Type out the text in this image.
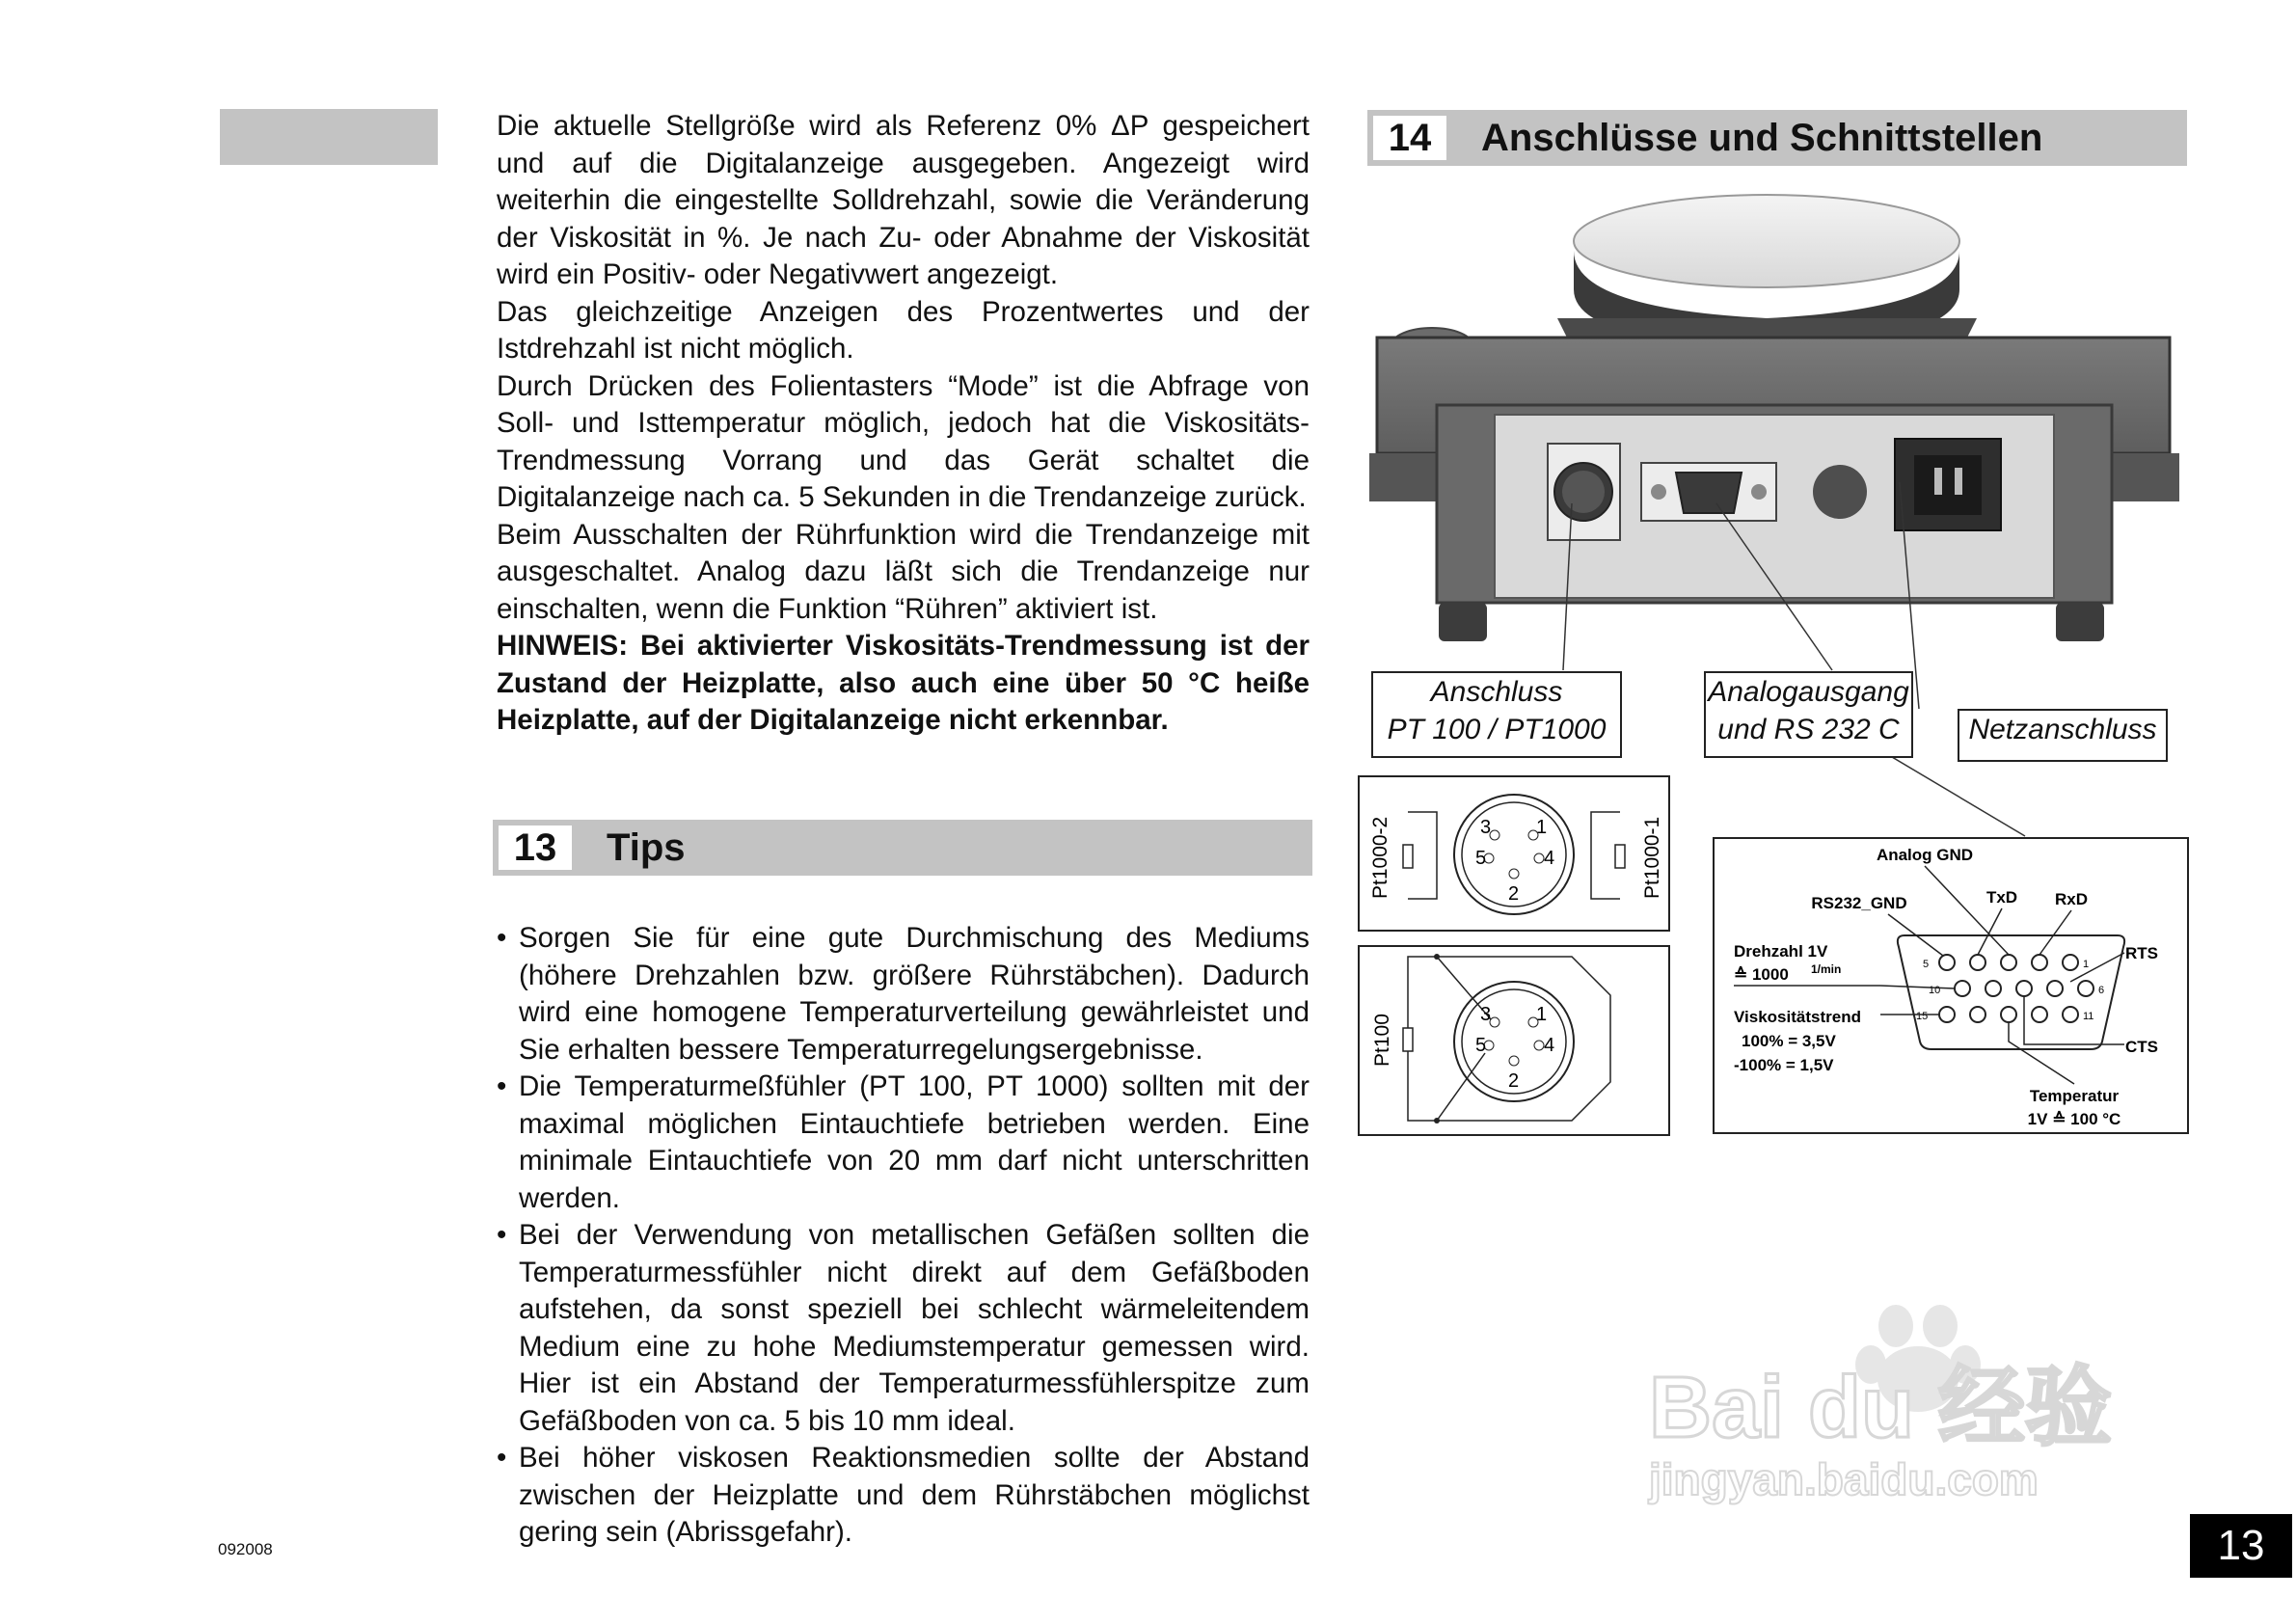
Die aktuelle Stellgröße wird als Referenz 0% ΔP gespeichert und auf die Digitalanzeige ausgegeben. Angezeigt wird weiterhin die eingestellte Solldrehzahl, sowie die Veränderung der Viskosität in %. Je nach Zu- oder Abnahme der Viskosität wird ein Positiv- oder Negativwert angezeigt.

Das gleichzeitige Anzeigen des Prozentwertes und der Istdrehzahl ist nicht möglich.

Durch Drücken des Folientasters “Mode” ist die Abfrage von Soll- und Isttemperatur möglich, jedoch hat die Viskositäts-Trendmessung Vorrang und das Gerät schaltet die Digitalanzeige nach ca. 5 Sekunden in die Trendanzeige zurück.

Beim Ausschalten der Rührfunktion wird die Trendanzeige mit ausgeschaltet. Analog dazu läßt sich die Trendanzeige nur einschalten, wenn die Funktion “Rühren” aktiviert ist.

HINWEIS: Bei aktivierter Viskositäts-Trendmessung ist der Zustand der Heizplatte, also auch eine über 50 °C heiße Heizplatte, auf der Digitalanzeige nicht erkennbar.

13	Tips
• Sorgen Sie für eine gute Durchmischung des Mediums (höhere Drehzahlen bzw. größere Rührstäbchen). Dadurch wird eine homogene Temperaturverteilung gewährleistet und Sie erhalten bessere Temperaturregelungsergebnisse.
• Die Temperaturmeßfühler (PT 100, PT 1000) sollten mit der maximal möglichen Eintauchtiefe betrieben werden. Eine minimale Eintauchtiefe von 20 mm darf nicht unterschritten werden.
• Bei der Verwendung von metallischen Gefäßen sollten die Temperaturmessfühler nicht direkt auf dem Gefäßboden aufstehen, da sonst speziell bei schlecht wärmeleitendem Medium eine zu hohe Mediumstemperatur gemessen wird. Hier ist ein Abstand der Temperaturmessfühlerspitze zum Gefäßboden von ca. 5 bis 10 mm ideal.
• Bei höher viskosen Reaktionsmedien sollte der Abstand zwischen der Heizplatte und dem Rührstäbchen möglichst gering sein (Abrissgefahr).
14	Anschlüsse und Schnittstellen
Anschluss
PT 100 / PT1000
Analogausgang
und RS 232 C	Netzanschluss
Pt1000-2	Pt1000-1
3 1
5	4
2
Pt100	3 1
5	4
2
Analog GND
RS232_GND	TxD RxD
RTS
CTS
Drehzahl 1V
≙ 1000 1/min
Viskositätstrend
100% = 3,5V
-100% = 1,5V
Temperatur
1V ≙ 100 °C
5	1
10	6
15	11
Bai du 经验
jingyan.baidu.com
092008	13
